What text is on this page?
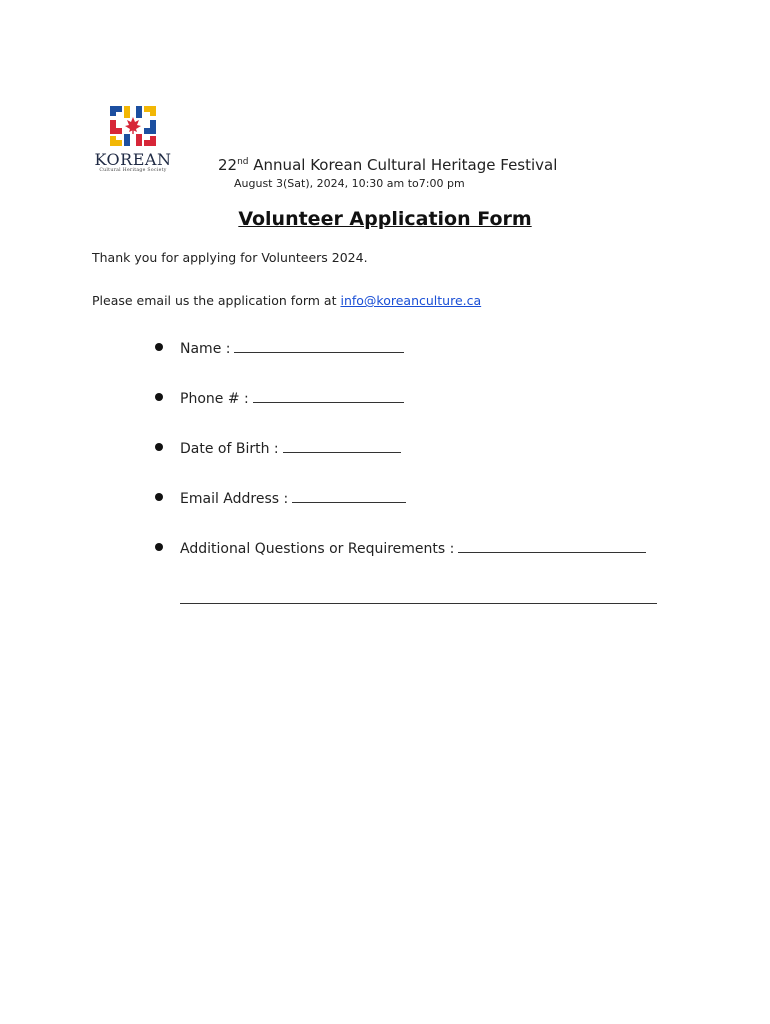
KOREAN
Cultural Heritage Society	22nd Annual Korean Cultural Heritage Festival
August 3(Sat), 2024, 10:30 am to7:00 pm
Volunteer Application Form
Thank you for applying for Volunteers 2024.
Please email us the application form at info@koreanculture.ca
Name :
Phone # :
Date of Birth :
Email Address :
Additional Questions or Requirements :
